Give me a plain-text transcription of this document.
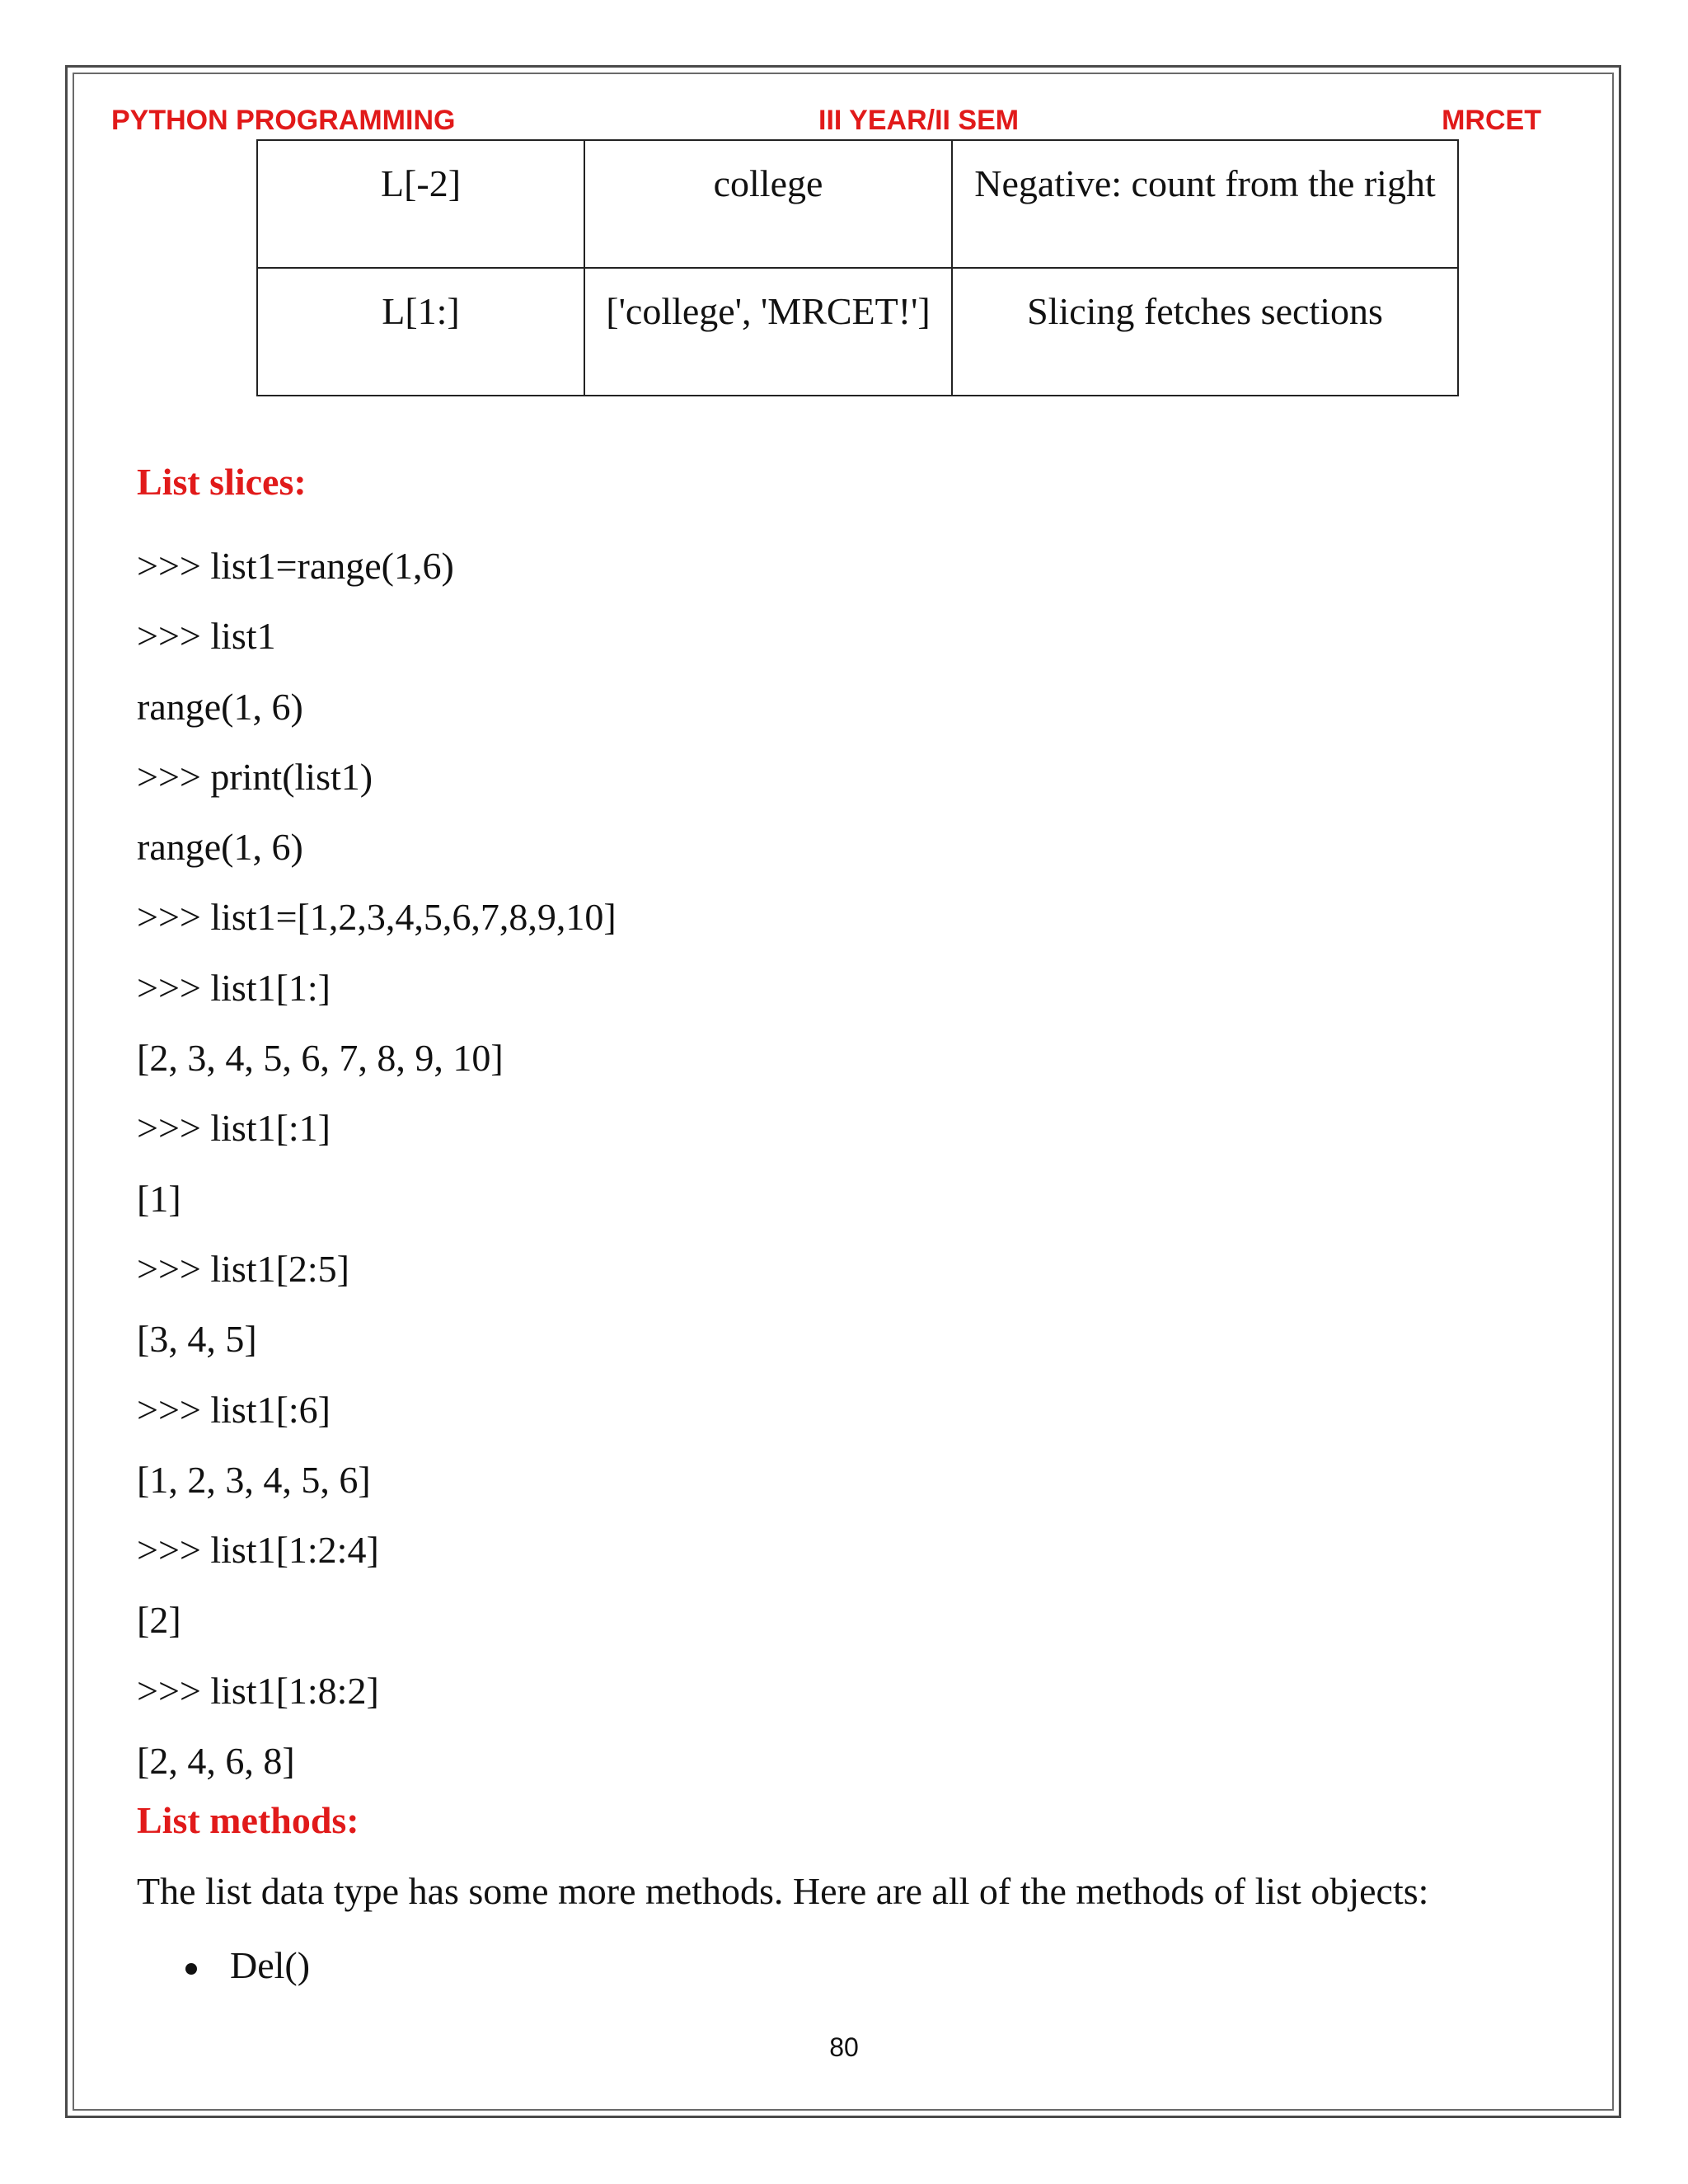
PYTHON PROGRAMMING	III YEAR/II SEM	MRCET
L[-2]	college	Negative: count from the right
L[1:]	['college', 'MRCET!']	Slicing fetches sections
List slices:
>>> list1=range(1,6)
>>> list1
range(1, 6)
>>> print(list1)
range(1, 6)
>>> list1=[1,2,3,4,5,6,7,8,9,10]
>>> list1[1:]
[2, 3, 4, 5, 6, 7, 8, 9, 10]
>>> list1[:1]
[1]
>>> list1[2:5]
[3, 4, 5]
>>> list1[:6]
[1, 2, 3, 4, 5, 6]
>>> list1[1:2:4]
[2]
>>> list1[1:8:2]
[2, 4, 6, 8]
List methods:
The list data type has some more methods. Here are all of the methods of list objects:
Del()
80
